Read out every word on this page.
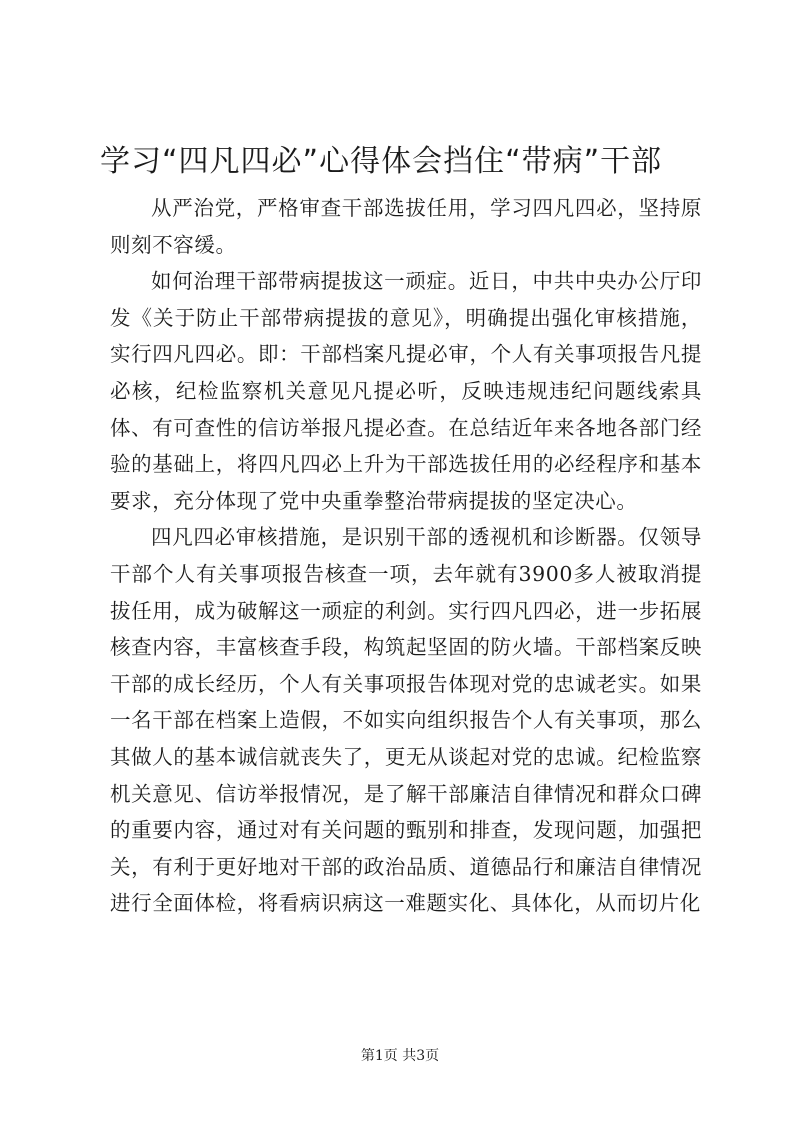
学习“四凡四必”心得体会挡住“带病”干部

从严治党，严格审查干部选拔任用，学习四凡四必，坚持原则刻不容缓。

如何治理干部带病提拔这一顽症。近日，中共中央办公厅印发《关于防止干部带病提拔的意见》，明确提出强化审核措施，实行四凡四必。即：干部档案凡提必审，个人有关事项报告凡提必核，纪检监察机关意见凡提必听，反映违规违纪问题线索具体、有可查性的信访举报凡提必查。在总结近年来各地各部门经验的基础上，将四凡四必上升为干部选拔任用的必经程序和基本要求，充分体现了党中央重拳整治带病提拔的坚定决心。

四凡四必审核措施，是识别干部的透视机和诊断器。仅领导干部个人有关事项报告核查一项，去年就有3900多人被取消提拔任用，成为破解这一顽症的利剑。实行四凡四必，进一步拓展核查内容，丰富核查手段，构筑起坚固的防火墙。干部档案反映干部的成长经历，个人有关事项报告体现对党的忠诚老实。如果一名干部在档案上造假，不如实向组织报告个人有关事项，那么其做人的基本诚信就丧失了，更无从谈起对党的忠诚。纪检监察机关意见、信访举报情况，是了解干部廉洁自律情况和群众口碑的重要内容，通过对有关问题的甄别和排查，发现问题，加强把关，有利于更好地对干部的政治品质、道德品行和廉洁自律情况进行全面体检，将看病识病这一难题实化、具体化，从而切片化

第1页 共3页
